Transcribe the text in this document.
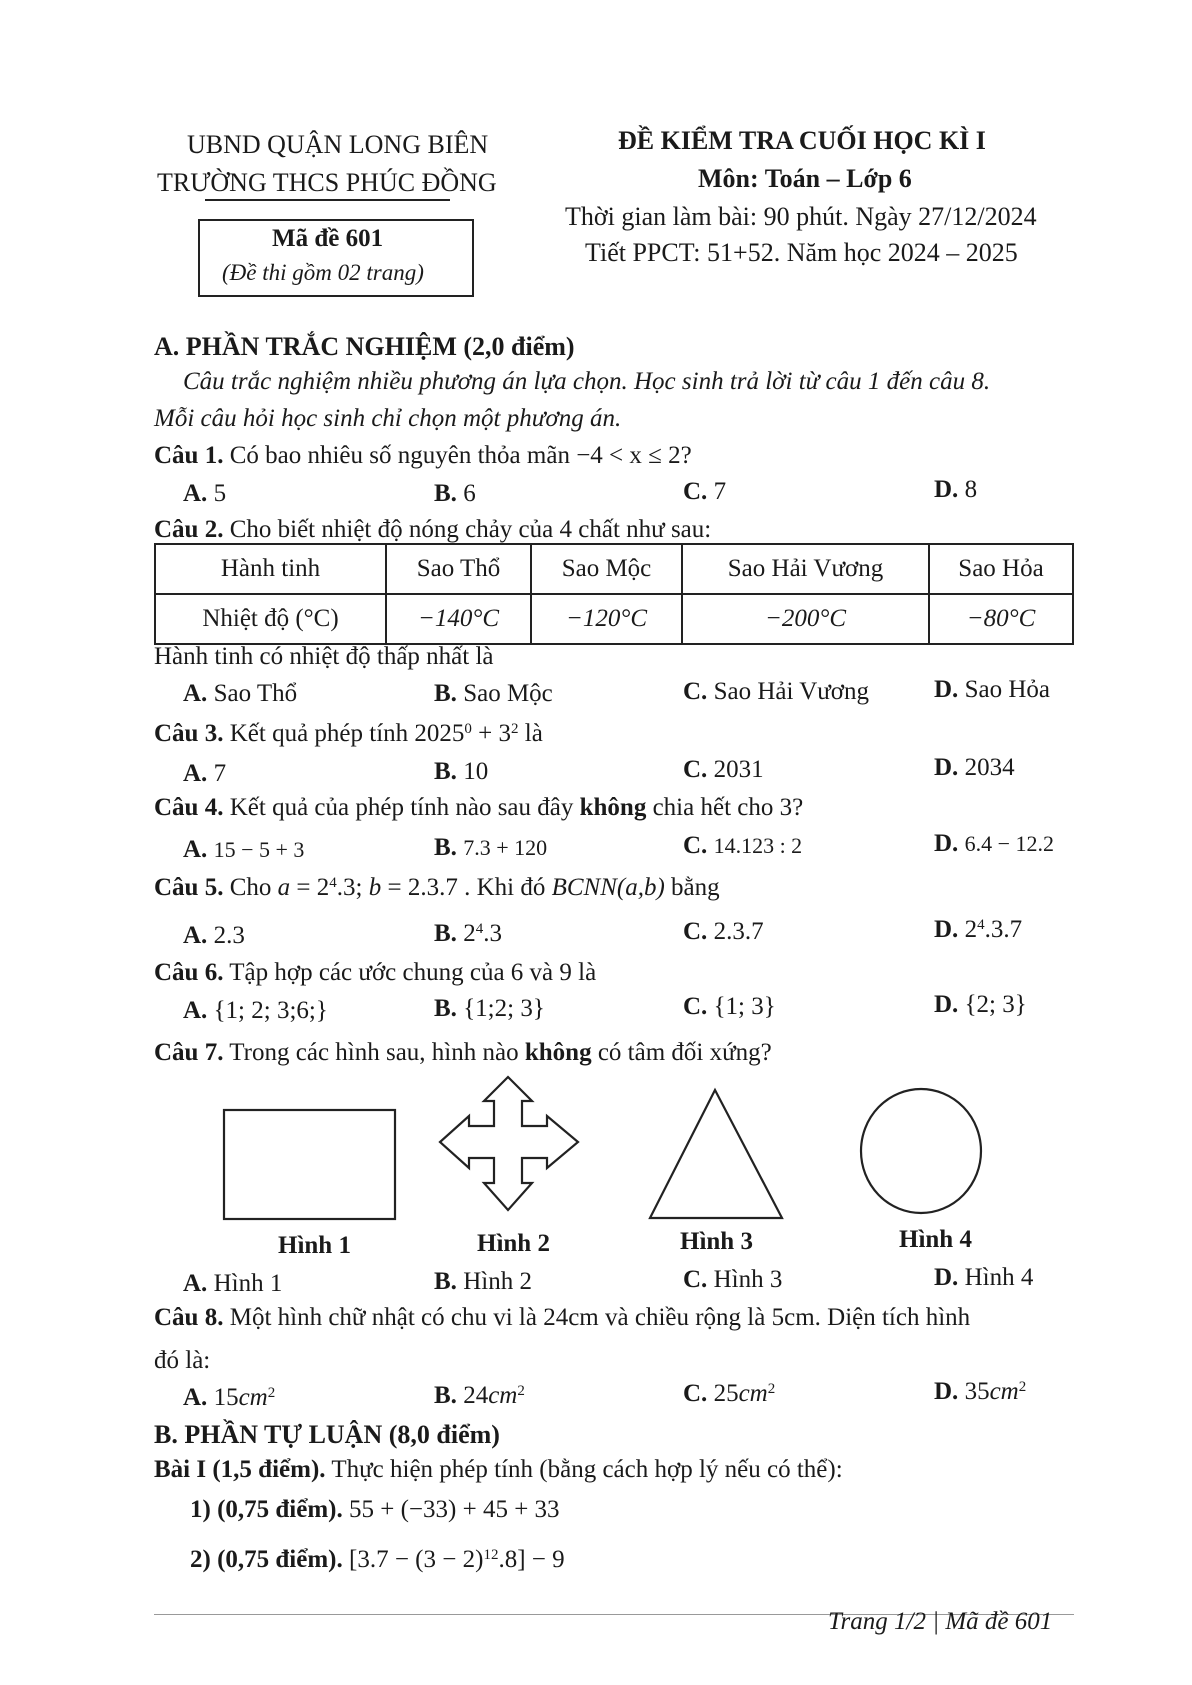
UBND QUẬN LONG BIÊN
TRƯỜNG THCS PHÚC ĐỒNG
Mã đề 601
(Đề thi gồm 02 trang)
ĐỀ KIỂM TRA CUỐI HỌC KÌ I
Môn: Toán – Lớp 6
Thời gian làm bài: 90 phút. Ngày 27/12/2024
Tiết PPCT: 51+52. Năm học 2024 – 2025
A. PHẦN TRẮC NGHIỆM (2,0 điểm)
Câu trắc nghiệm nhiều phương án lựa chọn. Học sinh trả lời từ câu 1 đến câu 8.
Mỗi câu hỏi học sinh chỉ chọn một phương án.
Câu 1. Có bao nhiêu số nguyên thỏa mãn −4 < x ≤ 2?
A. 5	B. 6	C. 7	D. 8
Câu 2. Cho biết nhiệt độ nóng chảy của 4 chất như sau:
Hành tinh	Sao Thổ	Sao Mộc	Sao Hải Vương	Sao Hỏa
Nhiệt độ (°C)	−140°C	−120°C	−200°C	−80°C
Hành tinh có nhiệt độ thấp nhất là
A. Sao Thổ	B. Sao Mộc	C. Sao Hải Vương	D. Sao Hỏa
Câu 3. Kết quả phép tính $2025^0 + 3^2$ là
A. 7	B. 10	C. 2031	D. 2034
Câu 4. Kết quả của phép tính nào sau đây không chia hết cho 3?
A. 15 − 5 + 3	B. 7.3 + 120	C. 14.123 : 2	D. 6.4 − 12.2
Câu 5. Cho $a = 2^4.3$; b = 2.3.7 . Khi đó BCNN(a,b) bằng
A. 2.3	B. $2^4.3$	C. 2.3.7	D. $2^4.3.7$
Câu 6. Tập hợp các ước chung của 6 và 9 là
A. {1; 2; 3;6;}	B. {1;2; 3}	C. {1; 3}	D. {2; 3}
Câu 7. Trong các hình sau, hình nào không có tâm đối xứng?
Hình 1	Hình 2	Hình 3	Hình 4
A. Hình 1	B. Hình 2	C. Hình 3	D. Hình 4
Câu 8. Một hình chữ nhật có chu vi là 24cm và chiều rộng là 5cm. Diện tích hình
đó là:
A. $15cm^2$	B. $24cm^2$	C. $25cm^2$	D. $35cm^2$
B. PHẦN TỰ LUẬN (8,0 điểm)
Bài I (1,5 điểm). Thực hiện phép tính (bằng cách hợp lý nếu có thể):
1) (0,75 điểm). 55 + (−33) + 45 + 33
2) (0,75 điểm). $[3.7 - (3 - 2)^{12}.8] - 9$
Trang 1/2 | Mã đề 601
